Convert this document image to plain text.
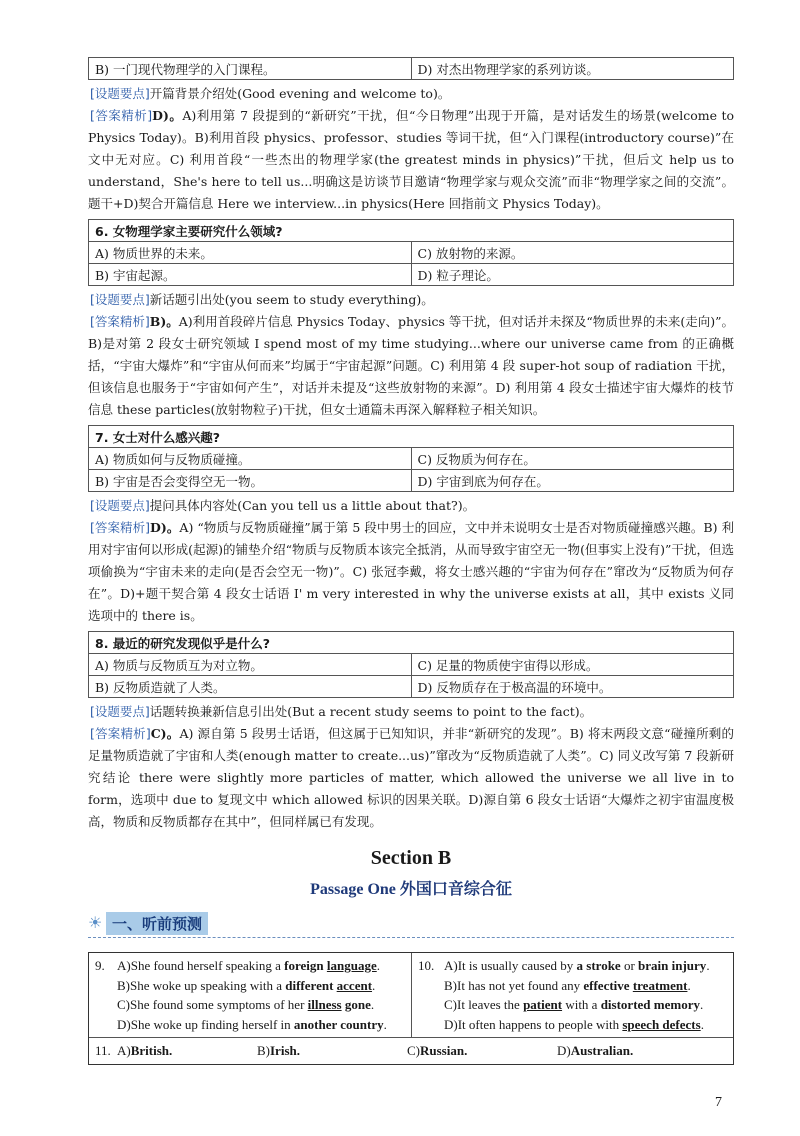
B) 一门现代物理学的入门课程。	D) 对杰出物理学家的系列访谈。

[设题要点]开篇背景介绍处(Good evening and welcome to)。

[答案精析]D)。A)利用第 7 段提到的“新研究”干扰，但“今日物理”出现于开篇，是对话发生的场景(welcome to Physics Today)。B)利用首段 physics、professor、studies 等词干扰，但“入门课程(introductory course)”在文中无对应。C) 利用首段“一些杰出的物理学家(the greatest minds in physics)”干扰，但后文 help us to understand，She's here to tell us...明确这是访谈节目邀请“物理学家与观众交流”而非“物理学家之间的交流”。题干+D)契合开篇信息 Here we interview...in physics(Here 回指前文 Physics Today)。

6. 女物理学家主要研究什么领域?	
A) 物质世界的未来。	C) 放射物的来源。
B) 宇宙起源。	D) 粒子理论。

[设题要点]新话题引出处(you seem to study everything)。

[答案精析]B)。A)利用首段碎片信息 Physics Today、physics 等干扰，但对话并未探及“物质世界的未来(走向)”。B)是对第 2 段女士研究领域 I spend most of my time studying...where our universe came from 的正确概括，“宇宙大爆炸”和“宇宙从何而来”均属于“宇宙起源”问题。C) 利用第 4 段 super-hot soup of radiation 干扰，但该信息也服务于“宇宙如何产生”，对话并未提及“这些放射物的来源”。D) 利用第 4 段女士描述宇宙大爆炸的枝节信息 these particles(放射物粒子)干扰，但女士通篇未再深入解释粒子相关知识。

7. 女士对什么感兴趣?	
A) 物质如何与反物质碰撞。	C) 反物质为何存在。
B) 宇宙是否会变得空无一物。	D) 宇宙到底为何存在。

[设题要点]提问具体内容处(Can you tell us a little about that?)。

[答案精析]D)。A) “物质与反物质碰撞”属于第 5 段中男士的回应，文中并未说明女士是否对物质碰撞感兴趣。B) 利用对宇宙何以形成(起源)的铺垫介绍“物质与反物质本该完全抵消，从而导致宇宙空无一物(但事实上没有)”干扰，但选项偷换为“宇宙未来的走向(是否会空无一物)”。C) 张冠李戴，将女士感兴趣的“宇宙为何存在”窜改为“反物质为何存在”。D)+题干契合第 4 段女士话语 I' m very interested in why the universe exists at all，其中 exists 义同选项中的 there is。

8. 最近的研究发现似乎是什么?	
A) 物质与反物质互为对立物。	C) 足量的物质使宇宙得以形成。
B) 反物质造就了人类。	D) 反物质存在于极高温的环境中。

[设题要点]话题转换兼新信息引出处(But a recent study seems to point to the fact)。

[答案精析]C)。A) 源自第 5 段男士话语，但这属于已知知识，并非“新研究的发现”。B) 将末两段文意“碰撞所剩的足量物质造就了宇宙和人类(enough matter to create...us)”窜改为“反物质造就了人类”。C) 同义改写第 7 段新研究结论 there were slightly more particles of matter, which allowed the universe we all live in to form，选项中 due to 复现文中 which allowed 标识的因果关联。D)源自第 6 段女士话语“大爆炸之初宇宙温度极高，物质和反物质都存在其中”，但同样属已有发现。

Section B
Passage One 外国口音综合征
☀ 一、听前预测
9. A)She found herself speaking a foreign language.
B)She woke up speaking with a different accent.
C)She found some symptoms of her illness gone.
D)She woke up finding herself in another country.
10. A)It is usually caused by a stroke or brain injury.
B)It has not yet found any effective treatment.
C)It leaves the patient with a distorted memory.
D)It often happens to people with speech defects.
11. A)British.	B)Irish.	C)Russian.	D)Australian.
7
